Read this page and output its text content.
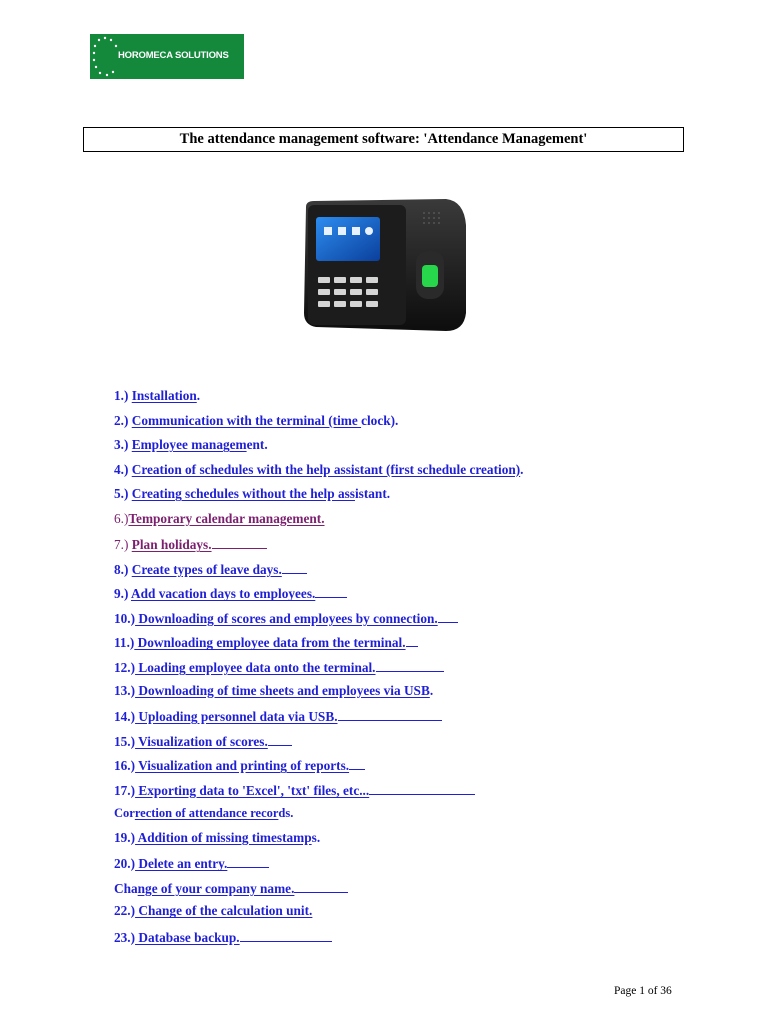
HOROMECA SOLUTIONS
The attendance management software: 'Attendance Management'
1.) Installation.
2.) Communication with the terminal (time clock).
3.) Employee management.
4.) Creation of schedules with the help assistant (first schedule creation).
5.) Creating schedules without the help assistant.
6.)Temporary calendar management.
7.) Plan holidays.
8.) Create types of leave days.
9.) Add vacation days to employees.
10.) Downloading of scores and employees by connection.
11.) Downloading employee data from the terminal.
12.) Loading employee data onto the terminal.
13.) Downloading of time sheets and employees via USB.
14.) Uploading personnel data via USB.
15.) Visualization of scores.
16.) Visualization and printing of reports.
17.) Exporting data to 'Excel', 'txt' files, etc...
Correction of attendance records.
19.) Addition of missing timestamps.
20.) Delete an entry.
Change of your company name.
22.) Change of the calculation unit.
23.) Database backup.
Page 1 of 36
